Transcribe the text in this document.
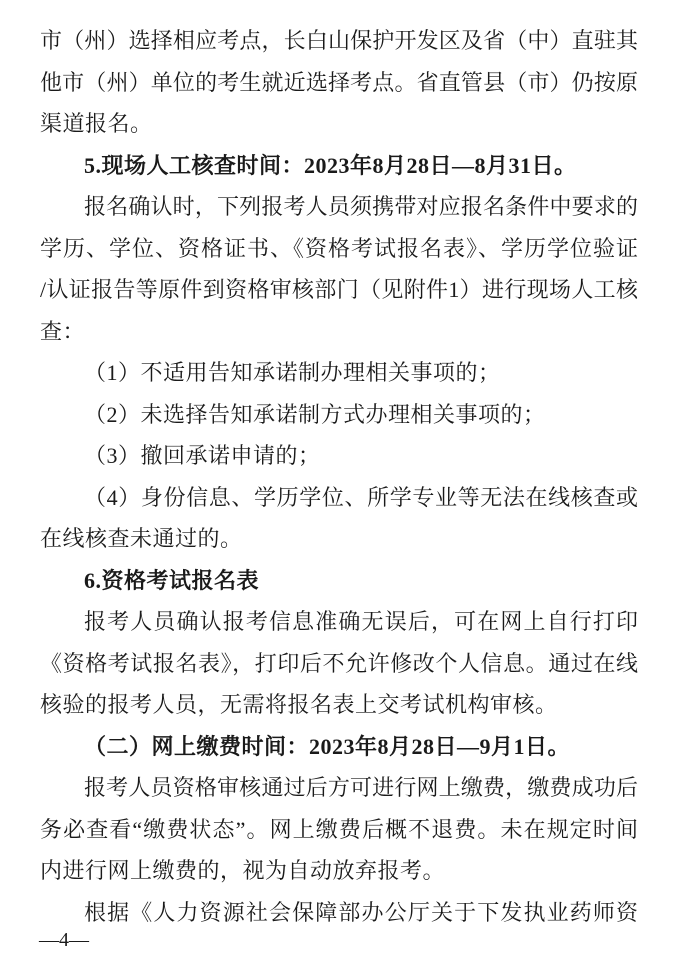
市（州）选择相应考点，长白山保护开发区及省（中）直驻其
他市（州）单位的考生就近选择考点。省直管县（市）仍按原
渠道报名。
5.现场人工核查时间：2023年8月28日—8月31日。
报名确认时，下列报考人员须携带对应报名条件中要求的
学历、学位、资格证书、《资格考试报名表》、学历学位验证
/认证报告等原件到资格审核部门（见附件1）进行现场人工核
查：
（1）不适用告知承诺制办理相关事项的；
（2）未选择告知承诺制方式办理相关事项的；
（3）撤回承诺申请的；
（4）身份信息、学历学位、所学专业等无法在线核查或
在线核查未通过的。
6.资格考试报名表
报考人员确认报考信息准确无误后，可在网上自行打印
《资格考试报名表》，打印后不允许修改个人信息。通过在线
核验的报考人员，无需将报名表上交考试机构审核。
（二）网上缴费时间：2023年8月28日—9月1日。
报考人员资格审核通过后方可进行网上缴费，缴费成功后
务必查看“缴费状态”。网上缴费后概不退费。未在规定时间
内进行网上缴费的，视为自动放弃报考。
根据《人力资源社会保障部办公厅关于下发执业药师资
—4—
